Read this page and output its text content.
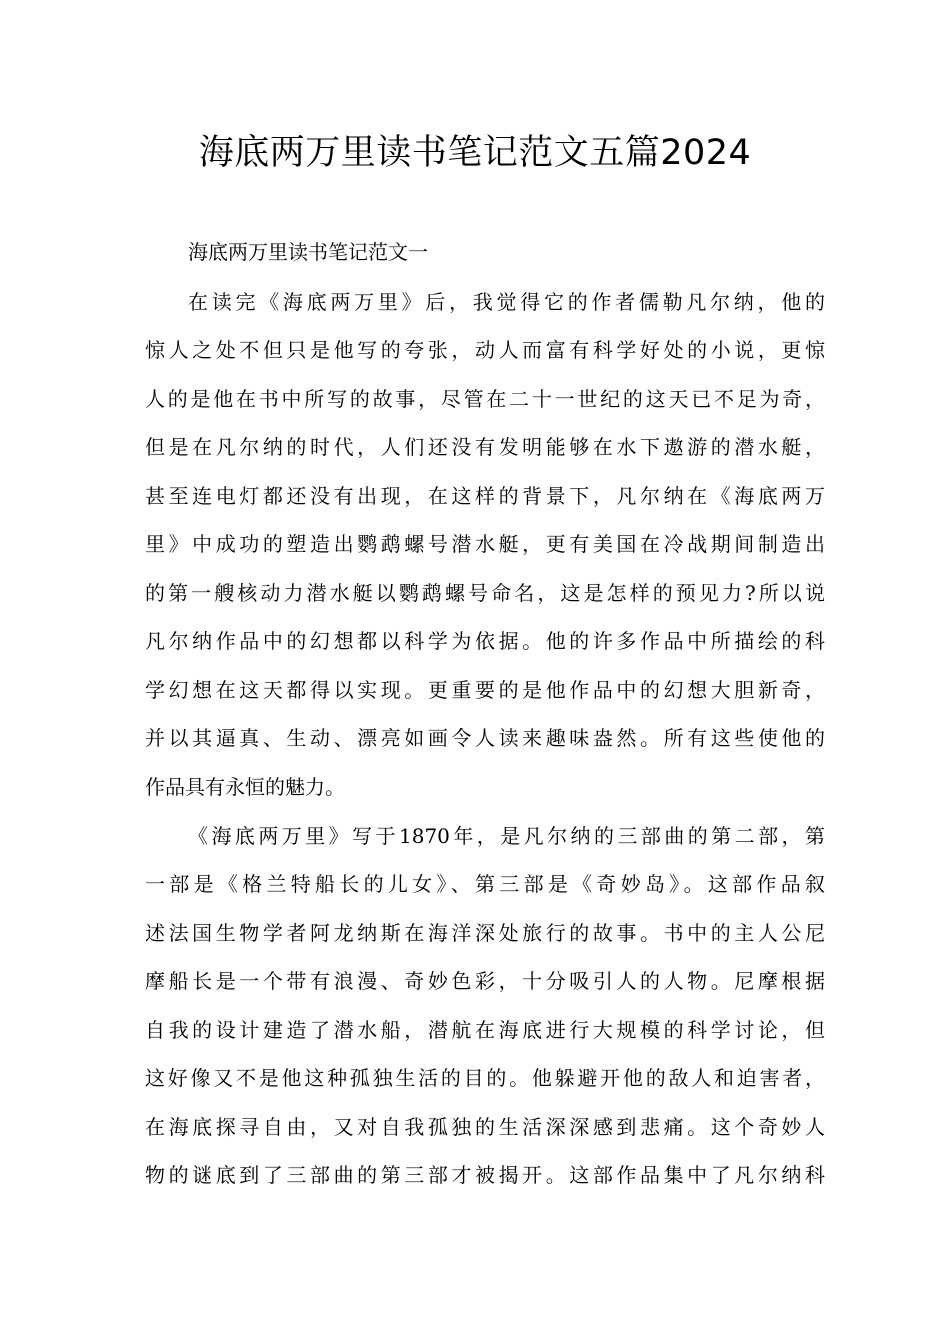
海底两万里读书笔记范文五篇2024
海底两万里读书笔记范文一
在读完《海底两万里》后，我觉得它的作者儒勒凡尔纳，他的
惊人之处不但只是他写的夸张，动人而富有科学好处的小说，更惊
人的是他在书中所写的故事，尽管在二十一世纪的这天已不足为奇，
但是在凡尔纳的时代，人们还没有发明能够在水下遨游的潜水艇，
甚至连电灯都还没有出现，在这样的背景下，凡尔纳在《海底两万
里》中成功的塑造出鹦鹉螺号潜水艇，更有美国在冷战期间制造出
的第一艘核动力潜水艇以鹦鹉螺号命名，这是怎样的预见力?所以说
凡尔纳作品中的幻想都以科学为依据。他的许多作品中所描绘的科
学幻想在这天都得以实现。更重要的是他作品中的幻想大胆新奇，
并以其逼真、生动、漂亮如画令人读来趣味盎然。所有这些使他的
作品具有永恒的魅力。
《海底两万里》写于1870年，是凡尔纳的三部曲的第二部，第
一部是《格兰特船长的儿女》、第三部是《奇妙岛》。这部作品叙
述法国生物学者阿龙纳斯在海洋深处旅行的故事。书中的主人公尼
摩船长是一个带有浪漫、奇妙色彩，十分吸引人的人物。尼摩根据
自我的设计建造了潜水船，潜航在海底进行大规模的科学讨论，但
这好像又不是他这种孤独生活的目的。他躲避开他的敌人和迫害者，
在海底探寻自由，又对自我孤独的生活深深感到悲痛。这个奇妙人
物的谜底到了三部曲的第三部才被揭开。这部作品集中了凡尔纳科
